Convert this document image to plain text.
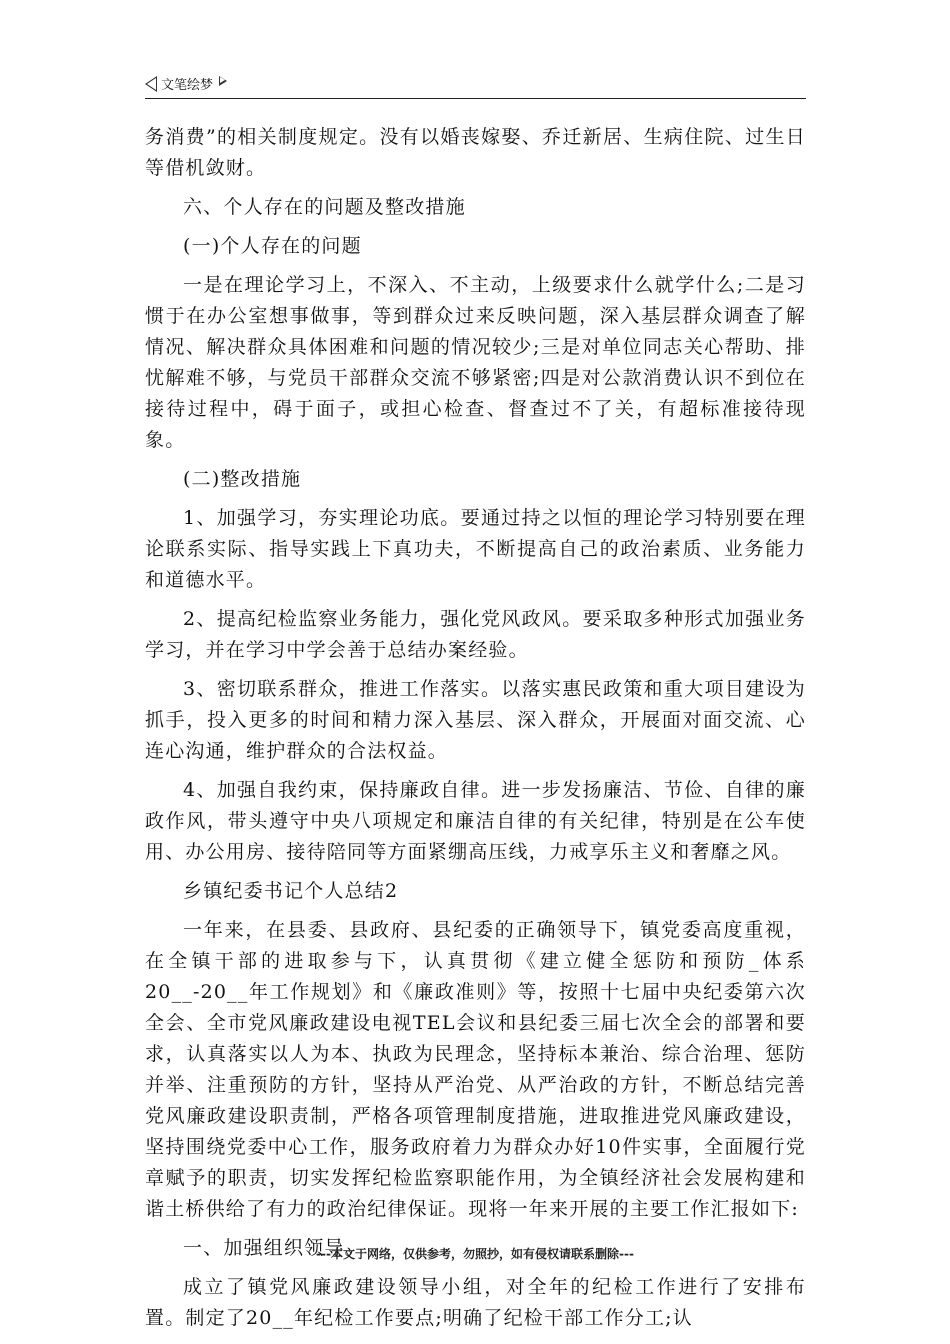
文笔绘梦

务消费”的相关制度规定。没有以婚丧嫁娶、乔迁新居、生病住院、过生日等借机敛财。

六、个人存在的问题及整改措施

(一)个人存在的问题

一是在理论学习上，不深入、不主动，上级要求什么就学什么;二是习惯于在办公室想事做事，等到群众过来反映问题，深入基层群众调查了解情况、解决群众具体困难和问题的情况较少;三是对单位同志关心帮助、排忧解难不够，与党员干部群众交流不够紧密;四是对公款消费认识不到位在接待过程中，碍于面子，或担心检查、督查过不了关，有超标准接待现象。

(二)整改措施

1、加强学习，夯实理论功底。要通过持之以恒的理论学习特别要在理论联系实际、指导实践上下真功夫，不断提高自己的政治素质、业务能力和道德水平。

2、提高纪检监察业务能力，强化党风政风。要采取多种形式加强业务学习，并在学习中学会善于总结办案经验。

3、密切联系群众，推进工作落实。以落实惠民政策和重大项目建设为抓手，投入更多的时间和精力深入基层、深入群众，开展面对面交流、心连心沟通，维护群众的合法权益。

4、加强自我约束，保持廉政自律。进一步发扬廉洁、节俭、自律的廉政作风，带头遵守中央八项规定和廉洁自律的有关纪律，特别是在公车使用、办公用房、接待陪同等方面紧绷高压线，力戒享乐主义和奢靡之风。

乡镇纪委书记个人总结2

一年来，在县委、县政府、县纪委的正确领导下，镇党委高度重视，在全镇干部的进取参与下，认真贯彻《建立健全惩防和预防_体系20__-20__年工作规划》和《廉政准则》等，按照十七届中央纪委第六次全会、全市党风廉政建设电视TEL会议和县纪委三届七次全会的部署和要求，认真落实以人为本、执政为民理念，坚持标本兼治、综合治理、惩防并举、注重预防的方针，坚持从严治党、从严治政的方针，不断总结完善党风廉政建设职责制，严格各项管理制度措施，进取推进党风廉政建设，坚持围绕党委中心工作，服务政府着力为群众办好10件实事，全面履行党章赋予的职责，切实发挥纪检监察职能作用，为全镇经济社会发展构建和谐土桥供给了有力的政治纪律保证。现将一年来开展的主要工作汇报如下:

一、加强组织领导。

成立了镇党风廉政建设领导小组，对全年的纪检工作进行了安排布置。制定了20__年纪检工作要点;明确了纪检干部工作分工;认

---本文于网络，仅供参考，勿照抄，如有侵权请联系删除---
